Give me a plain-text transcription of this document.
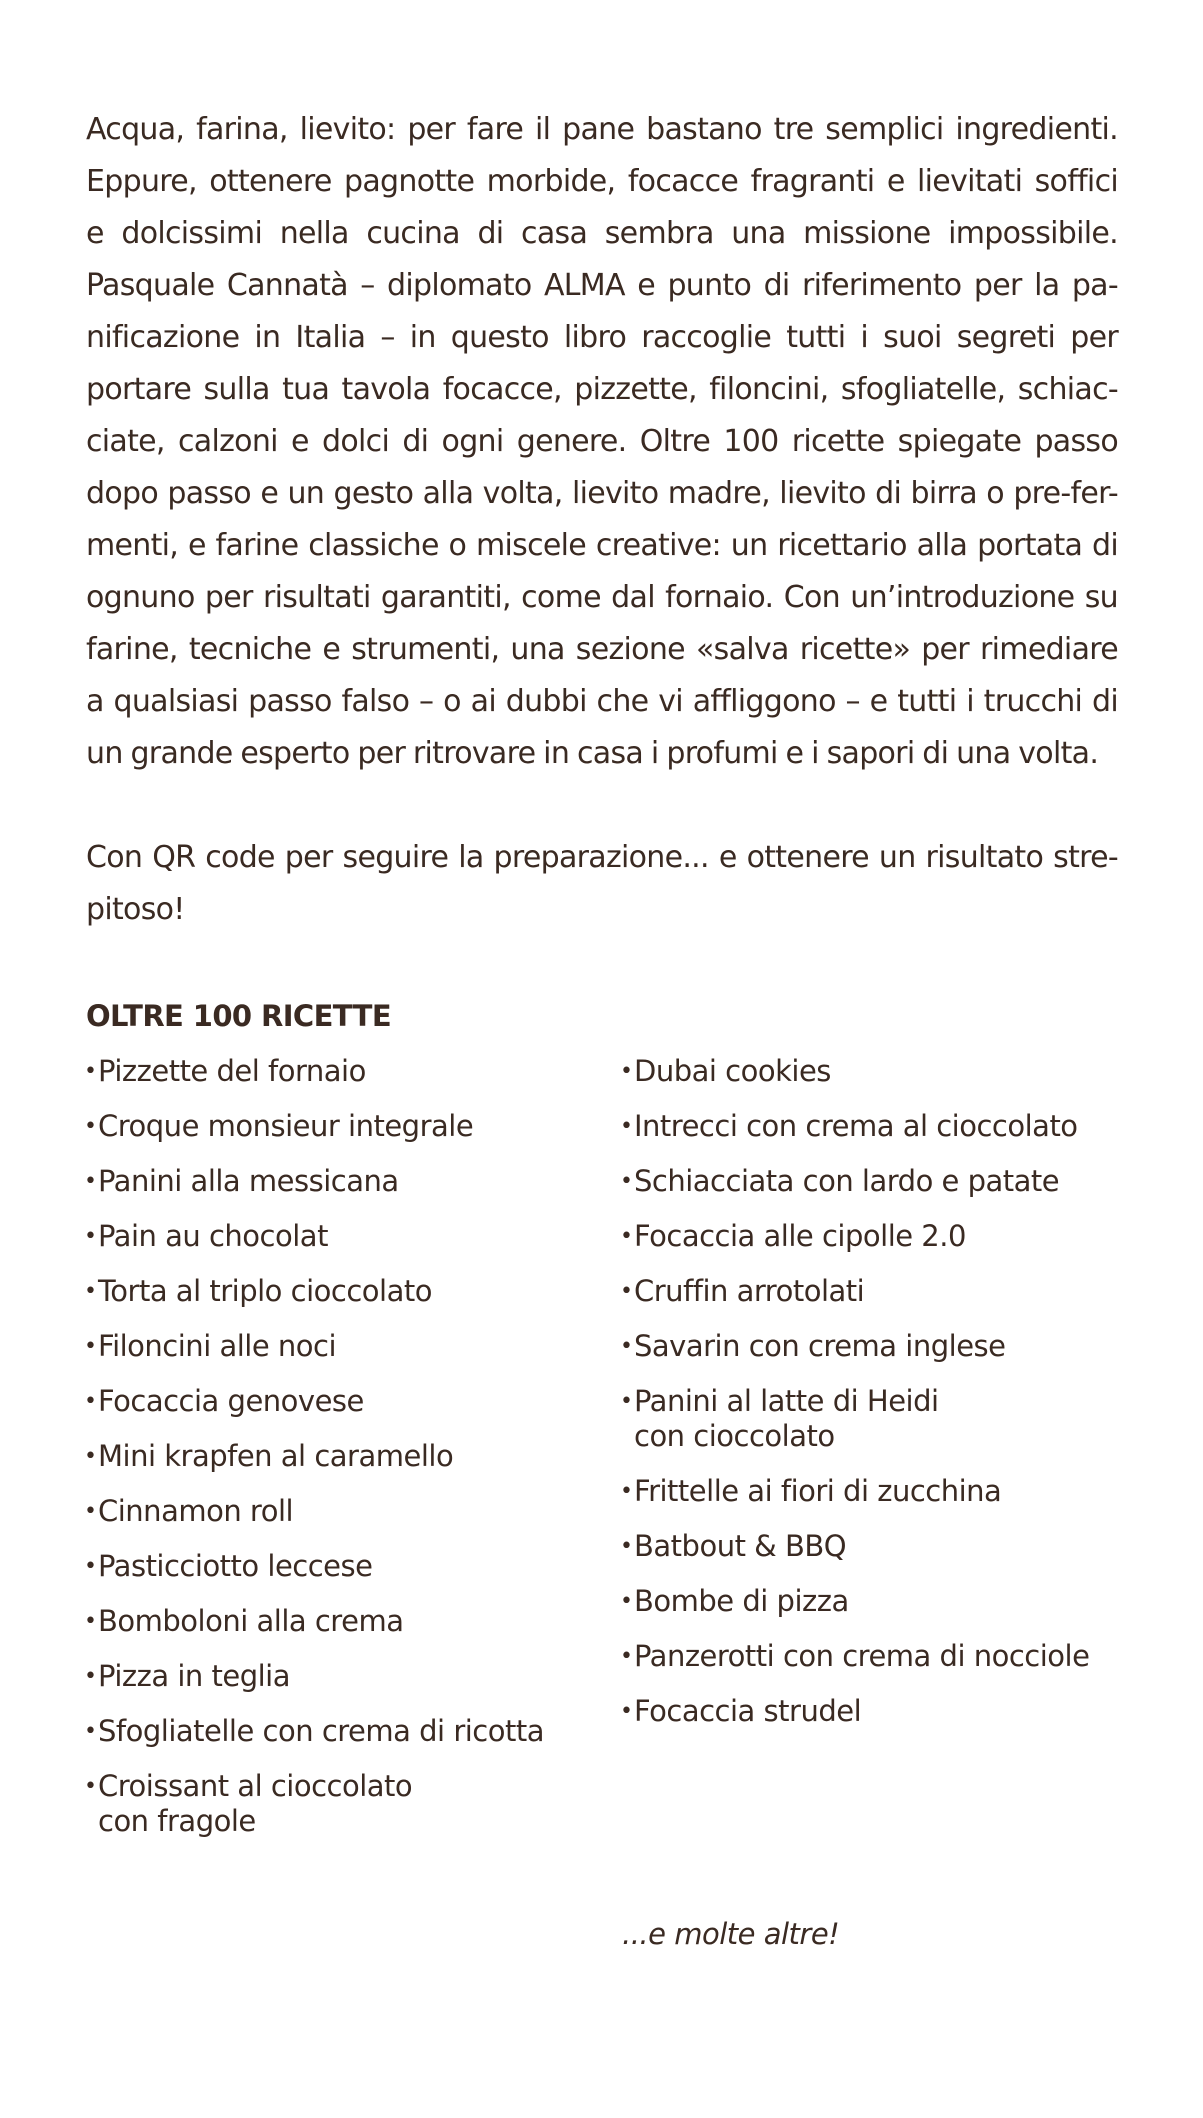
Acqua, farina, lievito: per fare il pane bastano tre semplici ingredienti.
Eppure, ottenere pagnotte morbide, focacce fragranti e lievitati soffici
e dolcissimi nella cucina di casa sembra una missione impossibile.
Pasquale Cannatà – diplomato ALMA e punto di riferimento per la pa-
nificazione in Italia – in questo libro raccoglie tutti i suoi segreti per
portare sulla tua tavola focacce, pizzette, filoncini, sfogliatelle, schiac-
ciate, calzoni e dolci di ogni genere. Oltre 100 ricette spiegate passo
dopo passo e un gesto alla volta, lievito madre, lievito di birra o pre-fer-
menti, e farine classiche o miscele creative: un ricettario alla portata di
ognuno per risultati garantiti, come dal fornaio. Con un’introduzione su
farine, tecniche e strumenti, una sezione «salva ricette» per rimediare
a qualsiasi passo falso – o ai dubbi che vi affliggono – e tutti i trucchi di
un grande esperto per ritrovare in casa i profumi e i sapori di una volta.

Con QR code per seguire la preparazione... e ottenere un risultato stre-
pitoso!

OLTRE 100 RICETTE
• Pizzette del fornaio
• Croque monsieur integrale
• Panini alla messicana
• Pain au chocolat
• Torta al triplo cioccolato
• Filoncini alle noci
• Focaccia genovese
• Mini krapfen al caramello
• Cinnamon roll
• Pasticciotto leccese
• Bomboloni alla crema
• Pizza in teglia
• Sfogliatelle con crema di ricotta
• Croissant al cioccolato
con fragole
• Dubai cookies
• Intrecci con crema al cioccolato
• Schiacciata con lardo e patate
• Focaccia alle cipolle 2.0
• Cruffin arrotolati
• Savarin con crema inglese
• Panini al latte di Heidi
con cioccolato
• Frittelle ai fiori di zucchina
• Batbout & BBQ
• Bombe di pizza
• Panzerotti con crema di nocciole
• Focaccia strudel

...e molte altre!
